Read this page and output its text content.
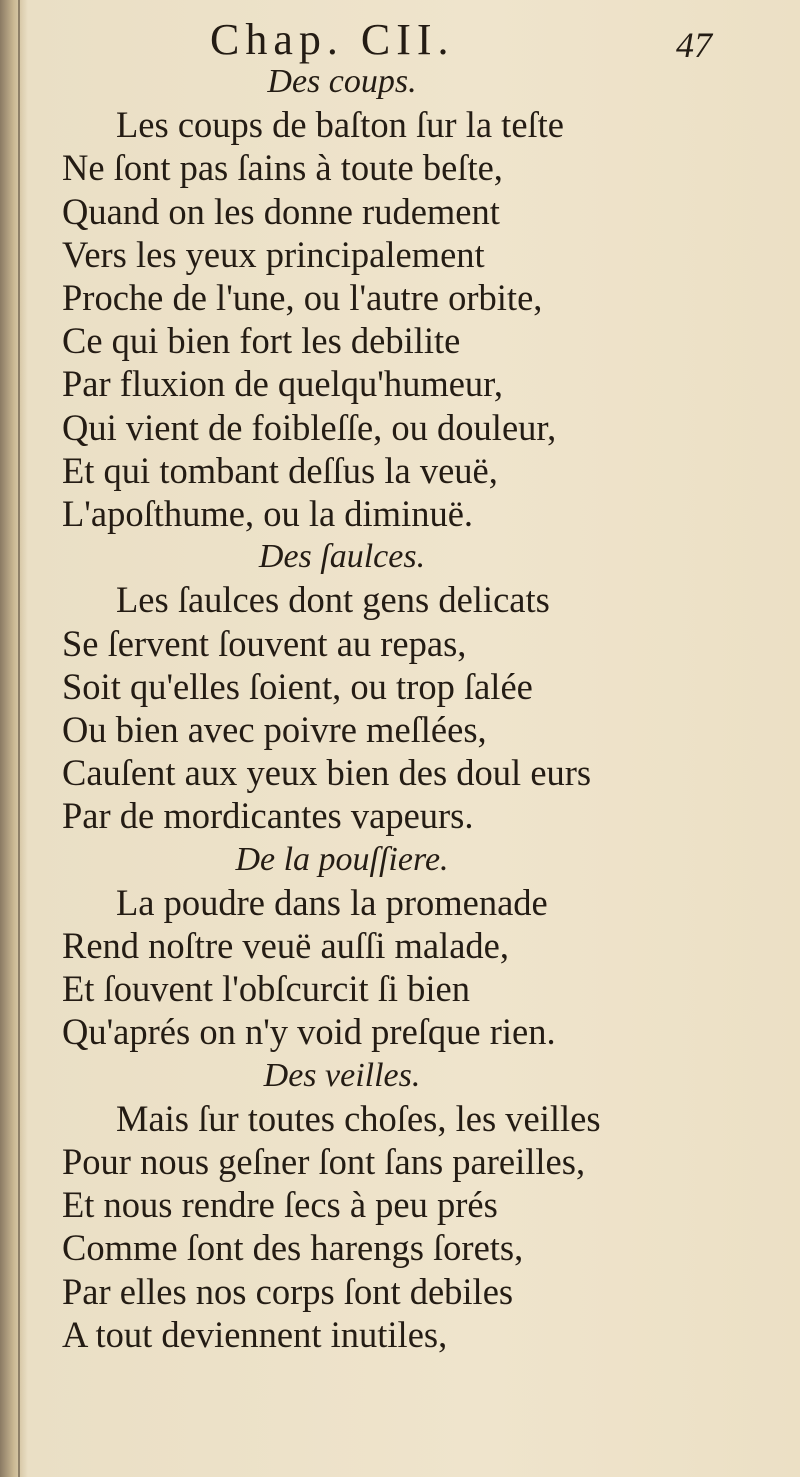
Chap. CII.	47
Des coups.
Les coups de baſton ſur la teſte
Ne ſont pas ſains à toute beſte,
Quand on les donne rudement
Vers les yeux principalement
Proche de l'une, ou l'autre orbite,
Ce qui bien fort les debilite
Par fluxion de quelqu'humeur,
Qui vient de foibleſſe, ou douleur,
Et qui tombant deſſus la veuë,
L'apoſthume, ou la diminuë.
Des ſaulces.
Les ſaulces dont gens delicats
Se ſervent ſouvent au repas,
Soit qu'elles ſoient, ou trop ſalée
Ou bien avec poivre meſlées,
Cauſent aux yeux bien des doul eurs
Par de mordicantes vapeurs.
De la pouſſiere.
La poudre dans la promenade
Rend noſtre veuë auſſi malade,
Et ſouvent l'obſcurcit ſi bien
Qu'aprés on n'y void preſque rien.
Des veilles.
Mais ſur toutes choſes, les veilles
Pour nous geſner ſont ſans pareilles,
Et nous rendre ſecs à peu prés
Comme ſont des harengs ſorets,
Par elles nos corps ſont debiles
A tout deviennent inutiles,
